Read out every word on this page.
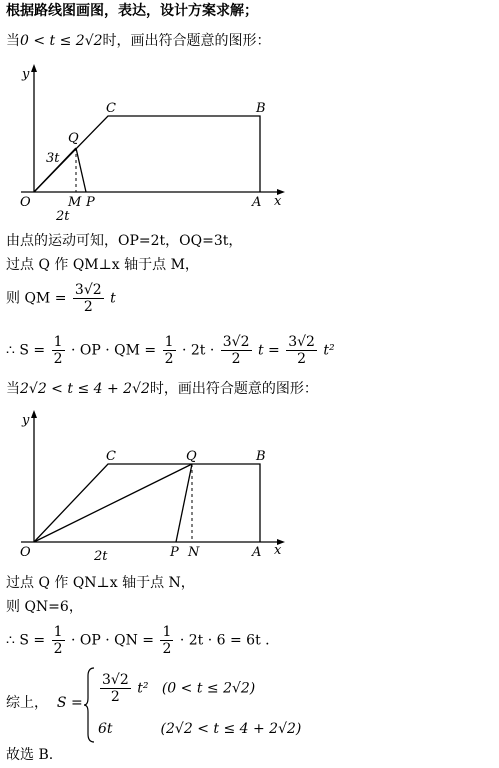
根据路线图画图，表达，设计方案求解；
当0 < t ≤ 2√2时，画出符合题意的图形：
y
x
O
C	B
Q
M P	A
3t
2t
由点的运动可知，OP=2t，OQ=3t，
过点 Q 作 QM⊥x 轴于点 M，
则 QM = $\frac{3√2}{2}$ t
∴ $S = \frac{1}{2}$ · OP · QM = $\frac{1}{2} \cdot 2t \cdot \frac{3√2}{2}$ $t = \frac{3√2}{2} t^2$
当2√2 < t ≤ 4 + 2√2时，画出符合题意的图形：
y
x
O
C	B
Q
P N	A
2t
过点 Q 作 QN⊥x 轴于点 N，
则 QN=6，
∴ $S = \frac{1}{2}$ · OP · QN = $\frac{1}{2} \cdot 2t \cdot 6 = 6t$ .
综上， $S = \frac{3√2}{2} t^2$ (0 < t ≤ 2√2)
6t	(2√2 < t ≤ 4 + 2√2)
故选 B.
